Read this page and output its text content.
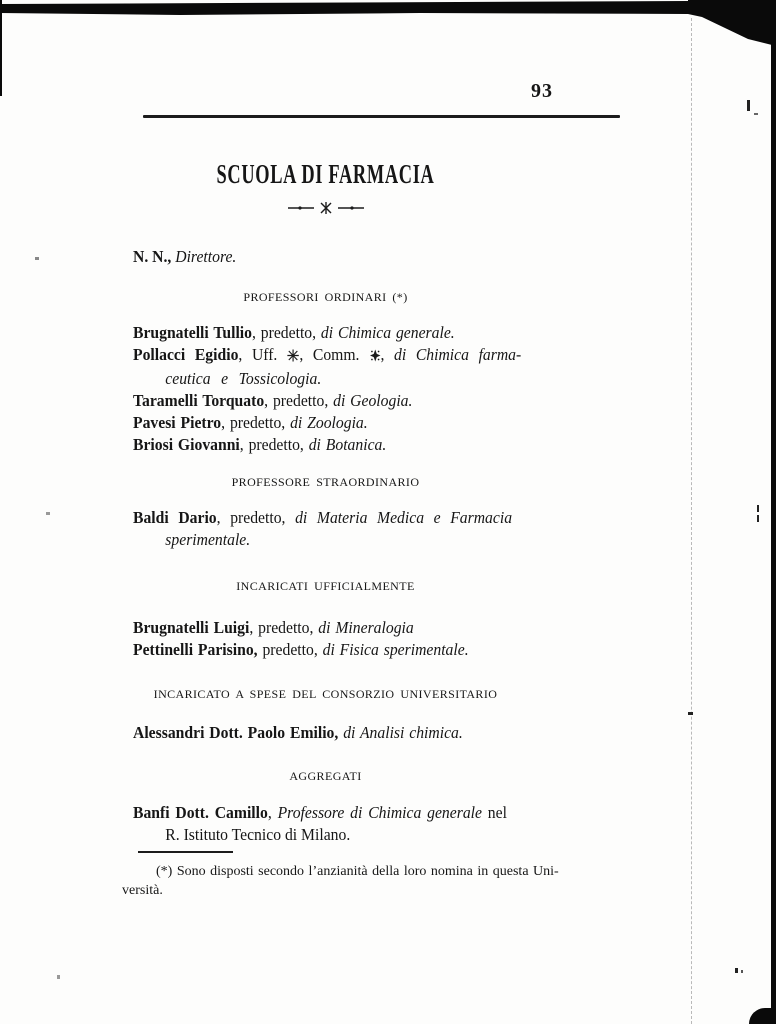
93
SCUOLA DI FARMACIA
N. N., Direttore.
PROFESSORI ORDINARI (*)
Brugnatelli Tullio, predetto, di Chimica generale.
Pollacci Egidio, Uff. , Comm. , di Chimica farma-
ceutica e Tossicologia.
Taramelli Torquato, predetto, di Geologia.
Pavesi Pietro, predetto, di Zoologia.
Briosi Giovanni, predetto, di Botanica.
PROFESSORE STRAORDINARIO
Baldi Dario, predetto, di Materia Medica e Farmacia
sperimentale.
INCARICATI UFFICIALMENTE
Brugnatelli Luigi, predetto, di Mineralogia
Pettinelli Parisino, predetto, di Fisica sperimentale.
INCARICATO A SPESE DEL CONSORZIO UNIVERSITARIO
Alessandri Dott. Paolo Emilio, di Analisi chimica.
AGGREGATI
Banfi Dott. Camillo, Professore di Chimica generale nel
R. Istituto Tecnico di Milano.
(*) Sono disposti secondo l’anzianità della loro nomina in questa Uni-
versità.
